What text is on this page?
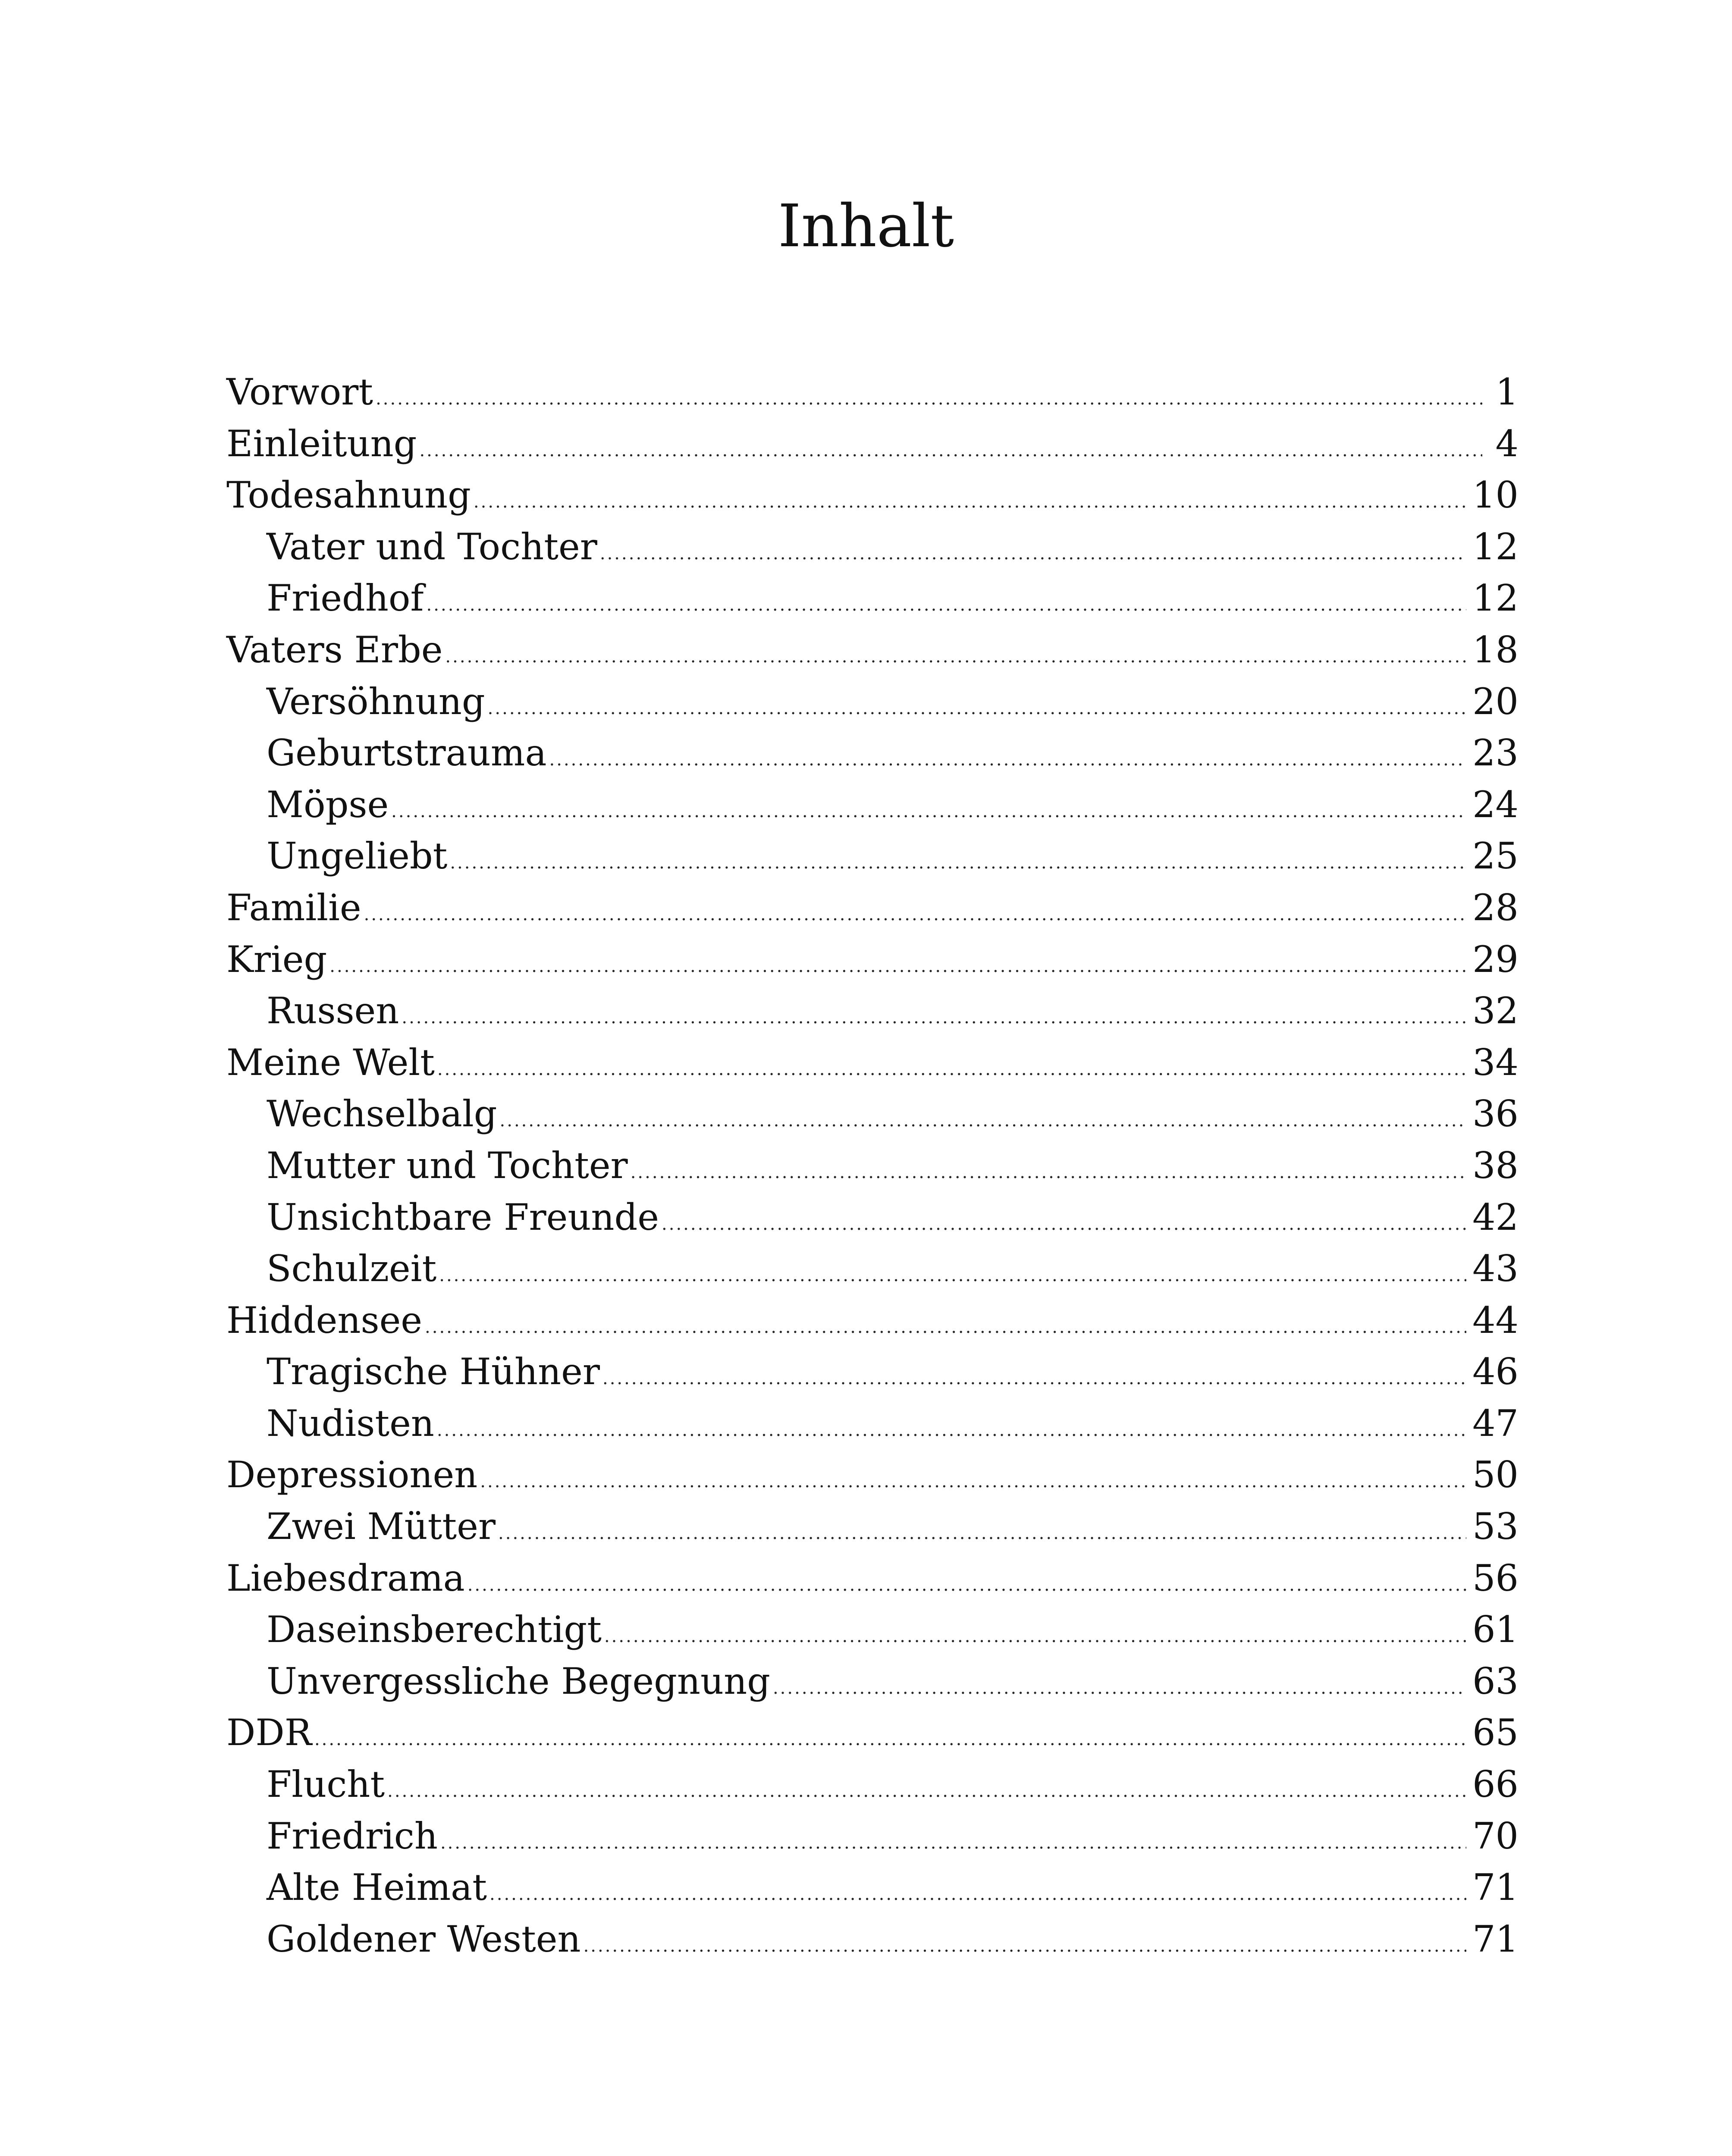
Inhalt
Vorwort .....	1
Einleitung .....	4
Todesahnung .....	10
Vater und Tochter .....	12
Friedhof .....	12
Vaters Erbe .....	18
Versöhnung .....	20
Geburtstrauma .....	23
Möpse .....	24
Ungeliebt .....	25
Familie .....	28
Krieg .....	29
Russen .....	32
Meine Welt .....	34
Wechselbalg .....	36
Mutter und Tochter .....	38
Unsichtbare Freunde .....	42
Schulzeit .....	43
Hiddensee .....	44
Tragische Hühner .....	46
Nudisten .....	47
Depressionen .....	50
Zwei Mütter .....	53
Liebesdrama .....	56
Daseinsberechtigt .....	61
Unvergessliche Begegnung .....	63
DDR .....	65
Flucht .....	66
Friedrich .....	70
Alte Heimat .....	71
Goldener Westen .....	71
